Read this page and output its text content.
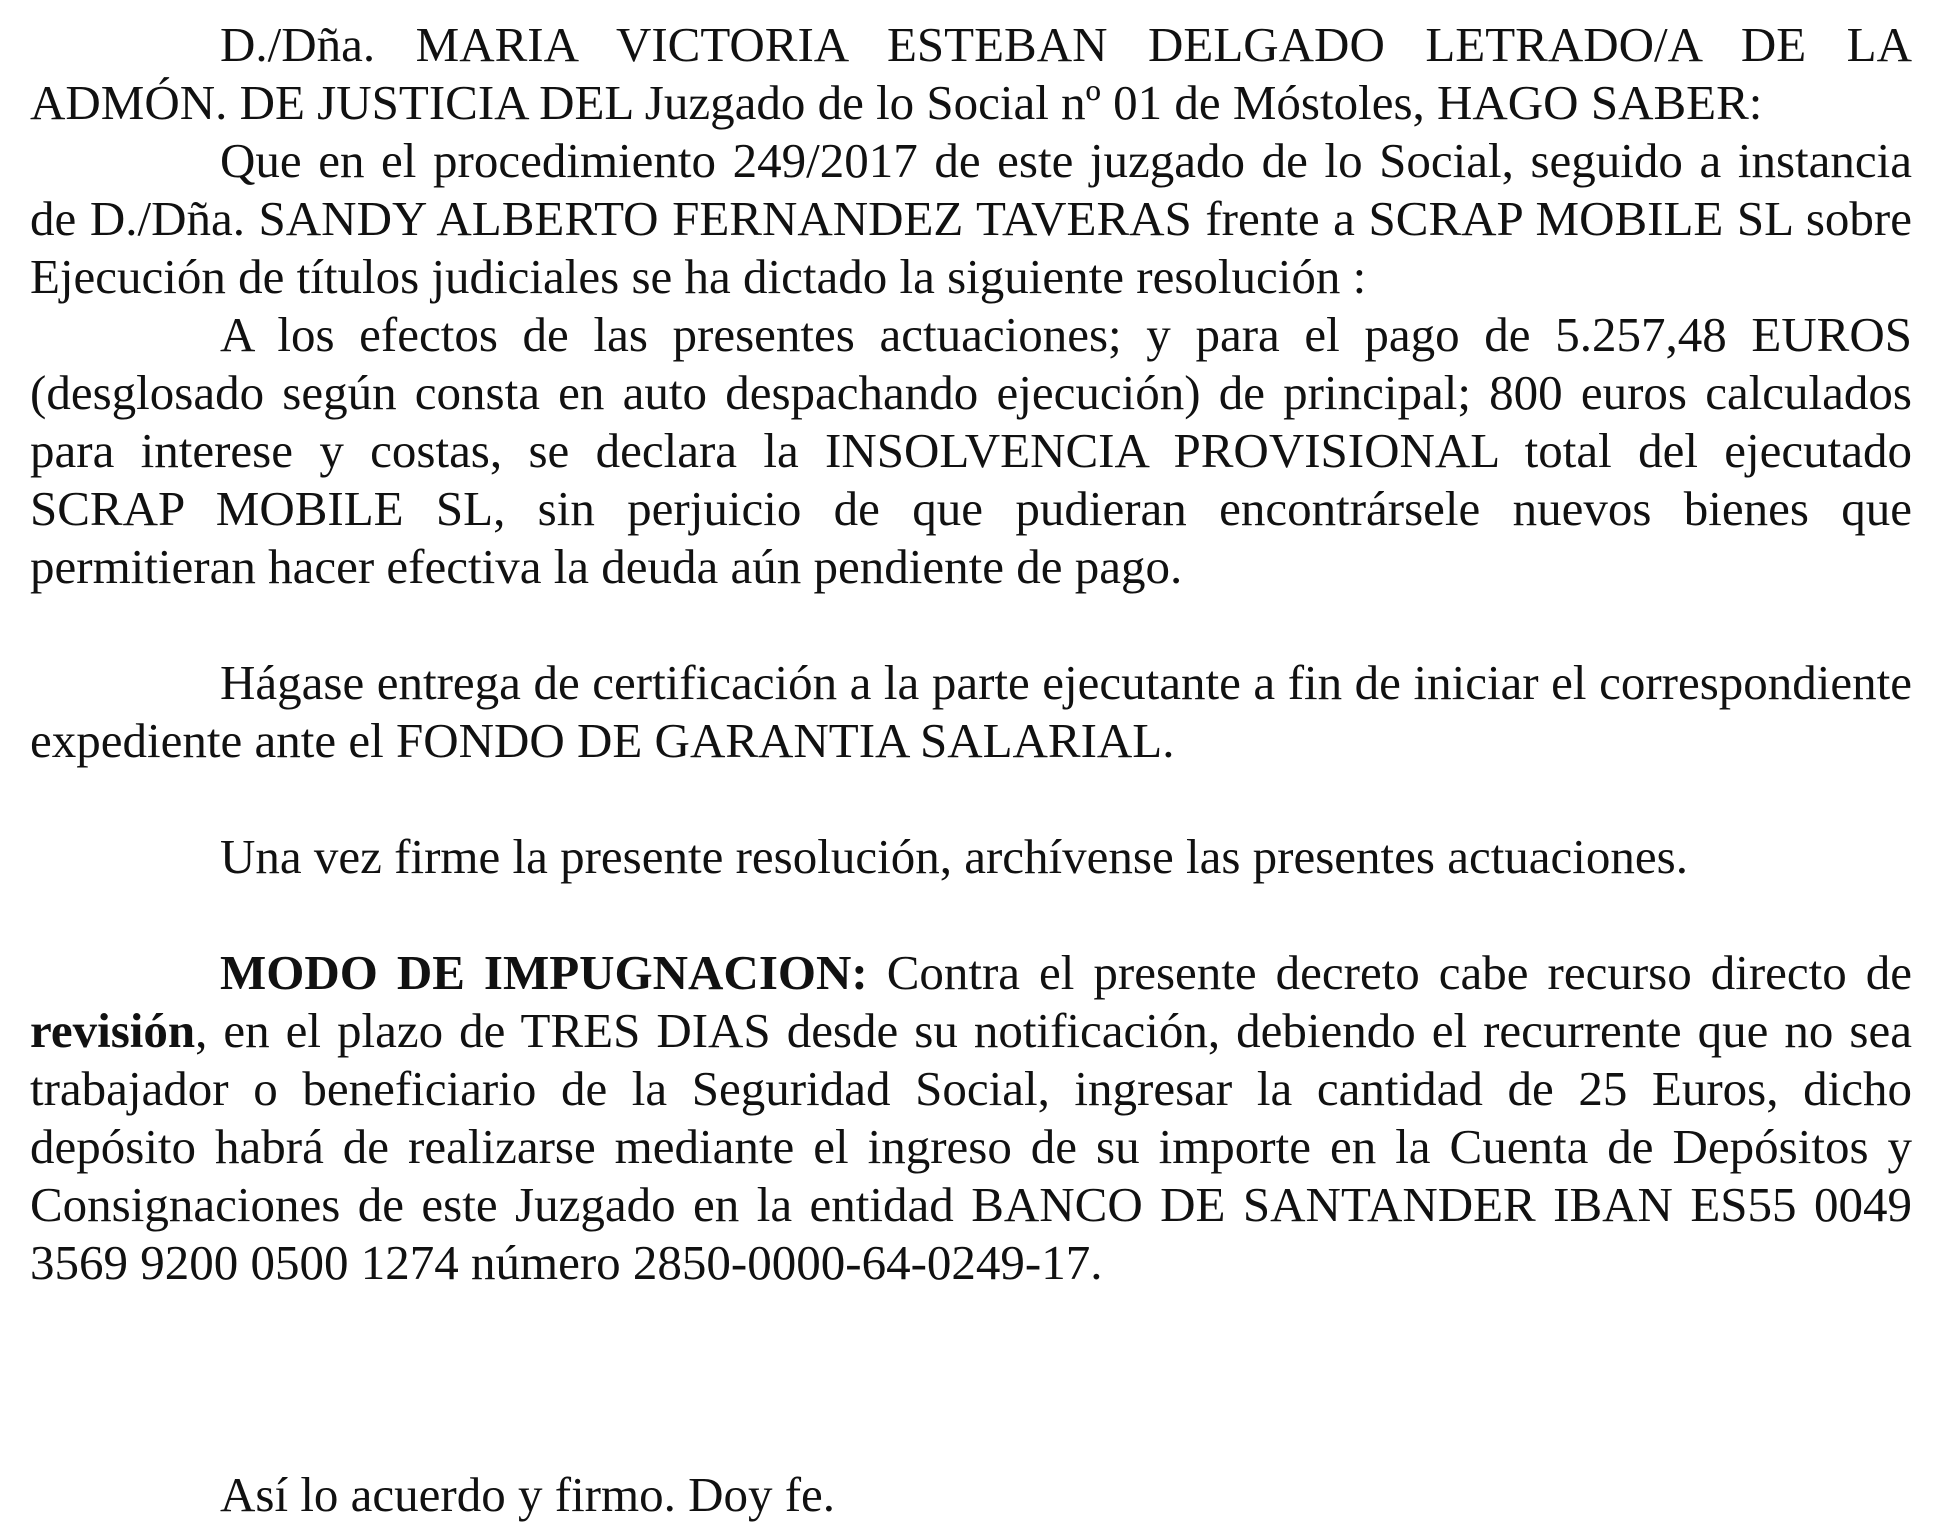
D./Dña. MARIA VICTORIA ESTEBAN DELGADO LETRADO/A DE LA ADMÓN. DE JUSTICIA DEL Juzgado de lo Social nº 01 de Móstoles, HAGO SABER:

Que en el procedimiento 249/2017 de este juzgado de lo Social, seguido a instancia de D./Dña. SANDY ALBERTO FERNANDEZ TAVERAS frente a SCRAP MOBILE SL sobre Ejecución de títulos judiciales se ha dictado la siguiente resolución :

A los efectos de las presentes actuaciones; y para el pago de 5.257,48 EUROS (desglosado según consta en auto despachando ejecución) de principal; 800 euros calculados para interese y costas, se declara la INSOLVENCIA PROVISIONAL total del ejecutado SCRAP MOBILE SL, sin perjuicio de que pudieran encontrársele nuevos bienes que permitieran hacer efectiva la deuda aún pendiente de pago.

Hágase entrega de certificación a la parte ejecutante a fin de iniciar el correspondiente expediente ante el FONDO DE GARANTIA SALARIAL.

Una vez firme la presente resolución, archívense las presentes actuaciones.

MODO DE IMPUGNACION: Contra el presente decreto cabe recurso directo de revisión, en el plazo de TRES DIAS desde su notificación, debiendo el recurrente que no sea trabajador o beneficiario de la Seguridad Social, ingresar la cantidad de 25 Euros, dicho depósito habrá de realizarse mediante el ingreso de su importe en la Cuenta de Depósitos y Consignaciones de este Juzgado en la entidad BANCO DE SANTANDER IBAN ES55 0049 3569 9200 0500 1274 número 2850-0000-64-0249-17.

Así lo acuerdo y firmo. Doy fe.
